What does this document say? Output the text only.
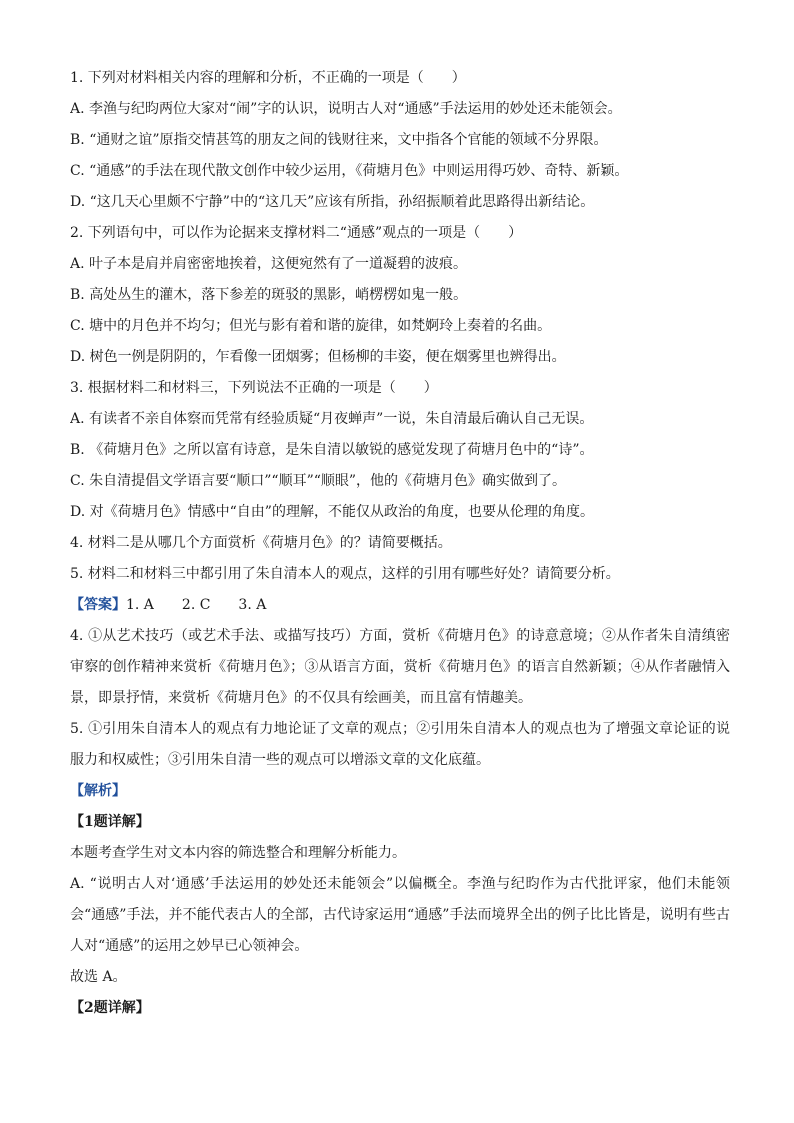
1. 下列对材料相关内容的理解和分析，不正确的一项是（　　）
A. 李渔与纪昀两位大家对“闹”字的认识，说明古人对“通感”手法运用的妙处还未能领会。
B. “通财之谊”原指交情甚笃的朋友之间的钱财往来，文中指各个官能的领域不分界限。
C. “通感”的手法在现代散文创作中较少运用，《荷塘月色》中则运用得巧妙、奇特、新颖。
D. “这几天心里颇不宁静”中的“这几天”应该有所指，孙绍振顺着此思路得出新结论。
2. 下列语句中，可以作为论据来支撑材料二“通感”观点的一项是（　　）
A. 叶子本是肩并肩密密地挨着，这便宛然有了一道凝碧的波痕。
B. 高处丛生的灌木，落下参差的斑驳的黑影，峭楞楞如鬼一般。
C. 塘中的月色并不均匀；但光与影有着和谐的旋律，如梵婀玲上奏着的名曲。
D. 树色一例是阴阴的，乍看像一团烟雾；但杨柳的丰姿，便在烟雾里也辨得出。
3. 根据材料二和材料三，下列说法不正确的一项是（　　）
A. 有读者不亲自体察而凭常有经验质疑“月夜蝉声”一说，朱自清最后确认自己无误。
B. 《荷塘月色》之所以富有诗意，是朱自清以敏锐的感觉发现了荷塘月色中的“诗”。
C. 朱自清提倡文学语言要“顺口”“顺耳”“顺眼”，他的《荷塘月色》确实做到了。
D. 对《荷塘月色》情感中“自由”的理解，不能仅从政治的角度，也要从伦理的角度。
4. 材料二是从哪几个方面赏析《荷塘月色》的？请简要概括。
5. 材料二和材料三中都引用了朱自清本人的观点，这样的引用有哪些好处？请简要分析。
【答案】1. A　　2. C　　3. A
4. ①从艺术技巧（或艺术手法、或描写技巧）方面，赏析《荷塘月色》的诗意意境；②从作者朱自清缜密审察的创作精神来赏析《荷塘月色》；③从语言方面，赏析《荷塘月色》的语言自然新颖；④从作者融情入景，即景抒情，来赏析《荷塘月色》的不仅具有绘画美，而且富有情趣美。
5. ①引用朱自清本人的观点有力地论证了文章的观点；②引用朱自清本人的观点也为了增强文章论证的说服力和权威性；③引用朱自清一些的观点可以增添文章的文化底蕴。
【解析】
【1题详解】
本题考查学生对文本内容的筛选整合和理解分析能力。
A. “说明古人对‘通感’手法运用的妙处还未能领会”以偏概全。李渔与纪昀作为古代批评家，他们未能领会“通感”手法，并不能代表古人的全部，古代诗家运用“通感”手法而境界全出的例子比比皆是，说明有些古人对“通感”的运用之妙早已心领神会。
故选 A。
【2题详解】
